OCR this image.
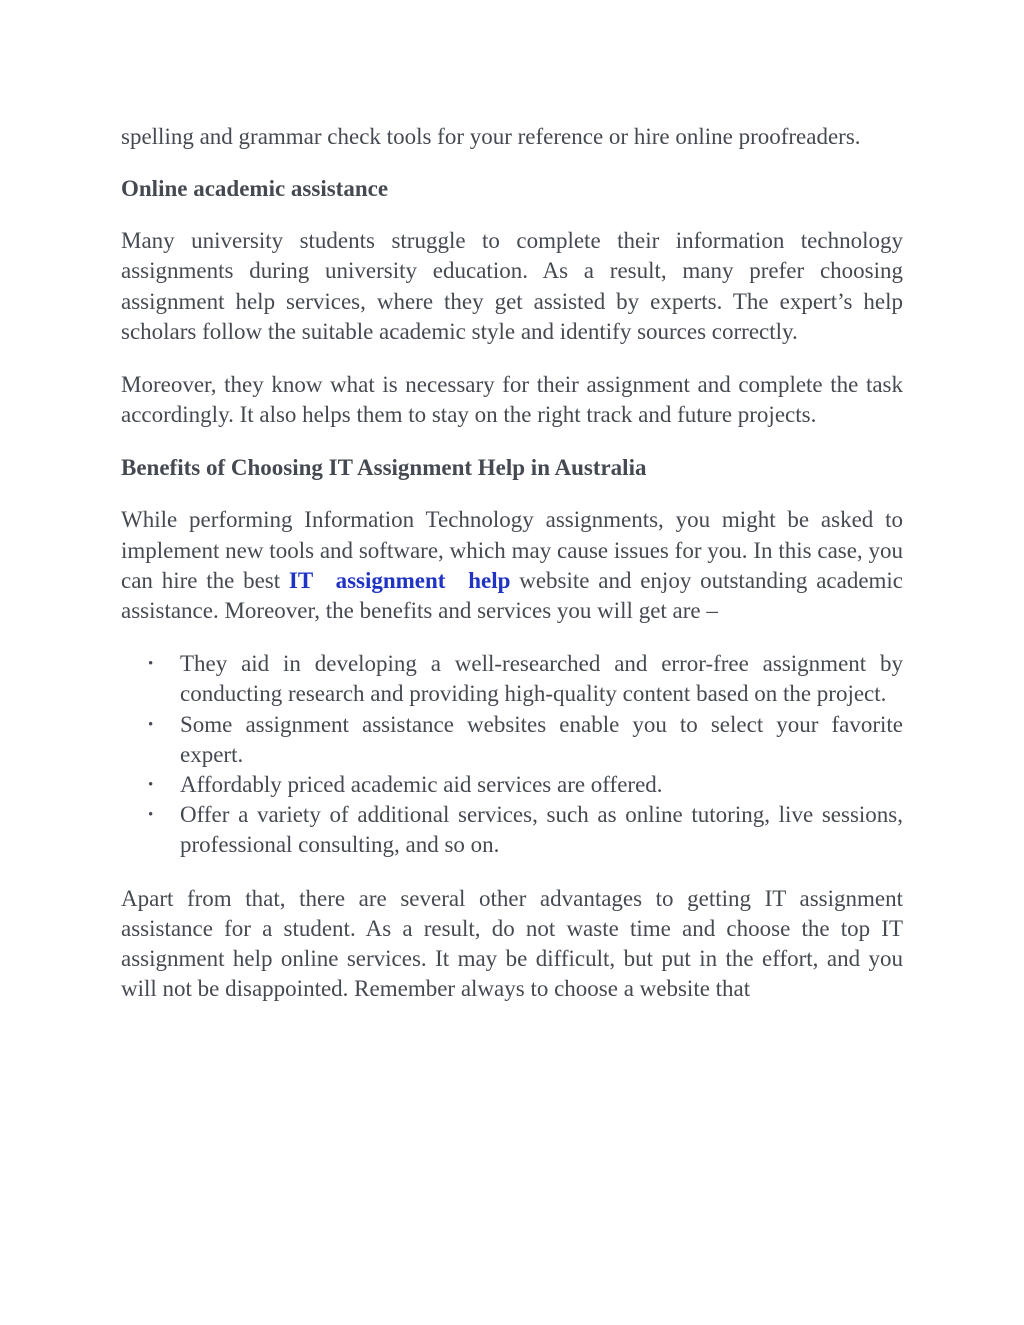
spelling and grammar check tools for your reference or hire online proofreaders.

Online academic assistance

Many university students struggle to complete their information technology assignments during university education. As a result, many prefer choosing assignment help services, where they get assisted by experts. The expert’s help scholars follow the suitable academic style and identify sources correctly.

Moreover, they know what is necessary for their assignment and complete the task accordingly. It also helps them to stay on the right track and future projects.

Benefits of Choosing IT Assignment Help in Australia

While performing Information Technology assignments, you might be asked to implement new tools and software, which may cause issues for you. In this case, you can hire the best IT assignment help website and enjoy outstanding academic assistance. Moreover, the benefits and services you will get are –

• They aid in developing a well-researched and error-free assignment by conducting research and providing high-quality content based on the project.
• Some assignment assistance websites enable you to select your favorite expert.
• Affordably priced academic aid services are offered.
• Offer a variety of additional services, such as online tutoring, live sessions, professional consulting, and so on.

Apart from that, there are several other advantages to getting IT assignment assistance for a student. As a result, do not waste time and choose the top IT assignment help online services. It may be difficult, but put in the effort, and you will not be disappointed. Remember always to choose a website that
